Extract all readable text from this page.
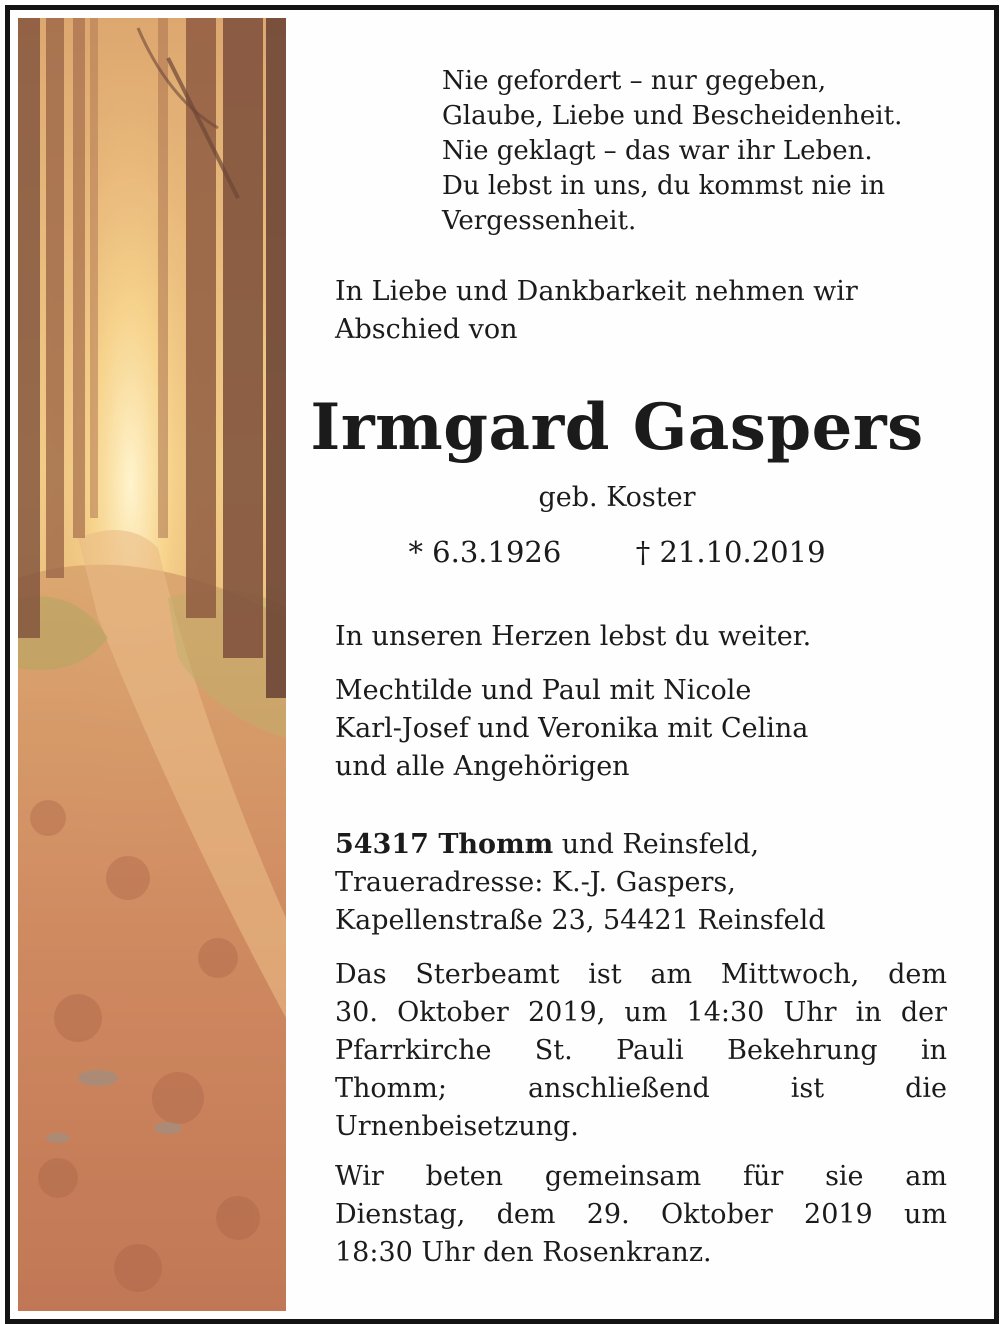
Nie gefordert – nur gegeben,
Glaube, Liebe und Bescheidenheit.
Nie geklagt – das war ihr Leben.
Du lebst in uns, du kommst nie in
Vergessenheit.
In Liebe und Dankbarkeit nehmen wir
Abschied von
Irmgard Gaspers
geb. Koster
* 6.3.1926	† 21.10.2019
In unseren Herzen lebst du weiter.
Mechtilde und Paul mit Nicole
Karl-Josef und Veronika mit Celina
und alle Angehörigen
54317 Thomm und Reinsfeld,
Traueradresse: K.-J. Gaspers,
Kapellenstraße 23, 54421 Reinsfeld
Das Sterbeamt ist am Mittwoch, dem
30. Oktober 2019, um 14:30 Uhr in der
Pfarrkirche St. Pauli Bekehrung in
Thomm; anschließend ist die
Urnenbeisetzung.
Wir beten gemeinsam für sie am
Dienstag, dem 29. Oktober 2019 um
18:30 Uhr den Rosenkranz.
